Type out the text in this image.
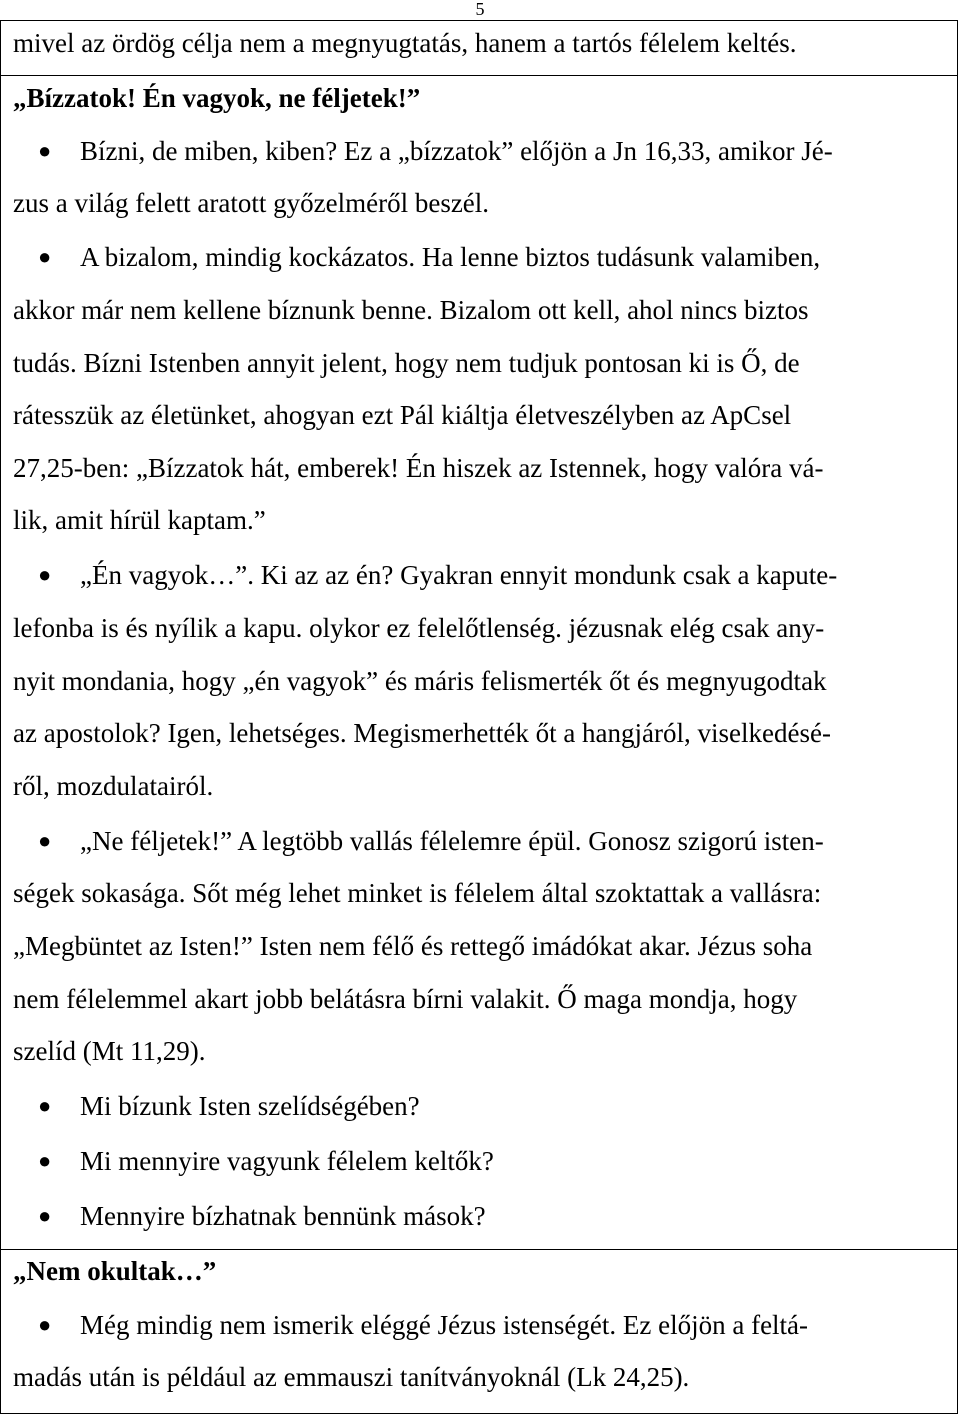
5
mivel az ördög célja nem a megnyugtatás, hanem a tartós félelem keltés.
„Bízzatok! Én vagyok, ne féljetek!”
● Bízni, de miben, kiben? Ez a „bízzatok” előjön a Jn 16,33, amikor Jé-
zus a világ felett aratott győzelméről beszél.
● A bizalom, mindig kockázatos. Ha lenne biztos tudásunk valamiben,
akkor már nem kellene bíznunk benne. Bizalom ott kell, ahol nincs biztos
tudás. Bízni Istenben annyit jelent, hogy nem tudjuk pontosan ki is Ő, de
rátesszük az életünket, ahogyan ezt Pál kiáltja életveszélyben az ApCsel
27,25-ben: „Bízzatok hát, emberek! Én hiszek az Istennek, hogy valóra vá-
lik, amit hírül kaptam.”
● „Én vagyok…”. Ki az az én? Gyakran ennyit mondunk csak a kapute-
lefonba is és nyílik a kapu. olykor ez felelőtlenség. jézusnak elég csak any-
nyit mondania, hogy „én vagyok” és máris felismerték őt és megnyugodtak
az apostolok? Igen, lehetséges. Megismerhették őt a hangjáról, viselkedésé-
ről, mozdulatairól.
● „Ne féljetek!” A legtöbb vallás félelemre épül. Gonosz szigorú isten-
ségek sokasága. Sőt még lehet minket is félelem által szoktattak a vallásra:
„Megbüntet az Isten!” Isten nem félő és rettegő imádókat akar. Jézus soha
nem félelemmel akart jobb belátásra bírni valakit. Ő maga mondja, hogy
szelíd (Mt 11,29).
● Mi bízunk Isten szelídségében?
● Mi mennyire vagyunk félelem keltők?
● Mennyire bízhatnak bennünk mások?
„Nem okultak…”
● Még mindig nem ismerik eléggé Jézus istenségét. Ez előjön a feltá-
madás után is például az emmauszi tanítványoknál (Lk 24,25).
